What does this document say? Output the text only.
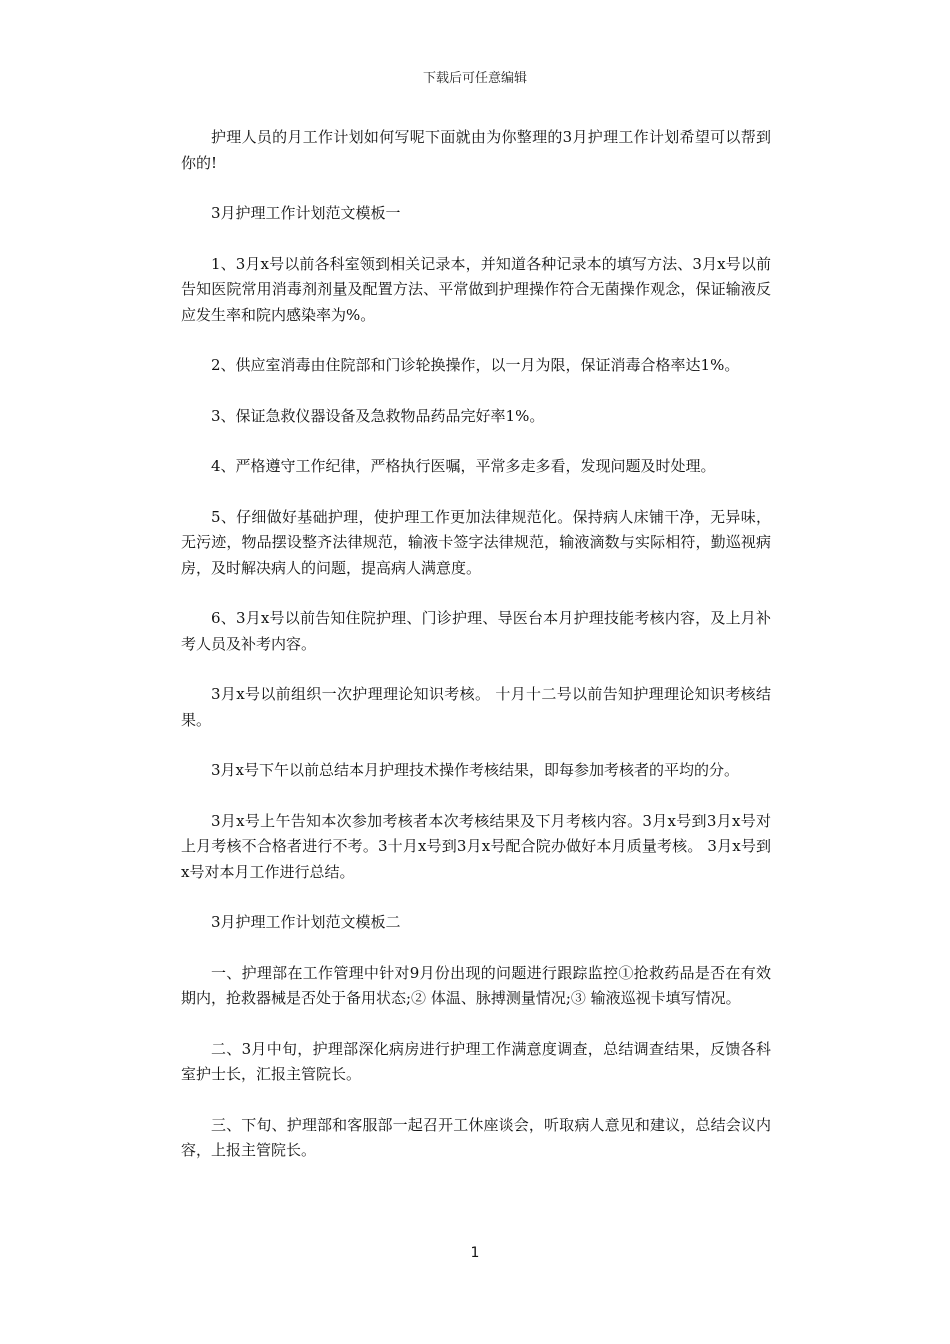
下载后可任意编辑

护理人员的月工作计划如何写呢下面就由为你整理的3月护理工作计划希望可以帮到你的!

3月护理工作计划范文模板一

1、3月x号以前各科室领到相关记录本，并知道各种记录本的填写方法、3月x号以前告知医院常用消毒剂剂量及配置方法、平常做到护理操作符合无菌操作观念，保证输液反应发生率和院内感染率为%。

2、供应室消毒由住院部和门诊轮换操作，以一月为限，保证消毒合格率达1%。

3、保证急救仪器设备及急救物品药品完好率1%。

4、严格遵守工作纪律，严格执行医嘱，平常多走多看，发现问题及时处理。

5、仔细做好基础护理，使护理工作更加法律规范化。保持病人床铺干净，无异味，无污迹，物品摆设整齐法律规范，输液卡签字法律规范，输液滴数与实际相符，勤巡视病房，及时解决病人的问题，提高病人满意度。

6、3月x号以前告知住院护理、门诊护理、导医台本月护理技能考核内容，及上月补考人员及补考内容。

3月x号以前组织一次护理理论知识考核。 十月十二号以前告知护理理论知识考核结果。

3月x号下午以前总结本月护理技术操作考核结果，即每参加考核者的平均的分。

3月x号上午告知本次参加考核者本次考核结果及下月考核内容。3月x号到3月x号对上月考核不合格者进行不考。3十月x号到3月x号配合院办做好本月质量考核。 3月x号到x号对本月工作进行总结。

3月护理工作计划范文模板二

一、护理部在工作管理中针对9月份出现的问题进行跟踪监控①抢救药品是否在有效期内，抢救器械是否处于备用状态;② 体温、脉搏测量情况;③ 输液巡视卡填写情况。

二、3月中旬，护理部深化病房进行护理工作满意度调查，总结调查结果，反馈各科室护士长，汇报主管院长。

三、下旬、护理部和客服部一起召开工休座谈会，听取病人意见和建议，总结会议内容，上报主管院长。

1
